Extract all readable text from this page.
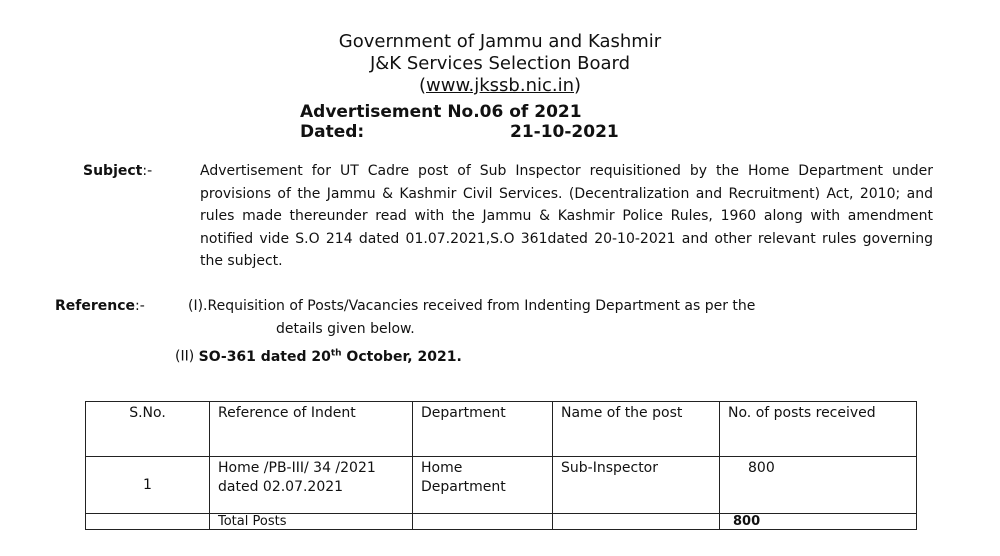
Government of Jammu and Kashmir
J&K Services Selection Board
(www.jkssb.nic.in)
Advertisement No.06 of 2021
Dated:	21-10-2021
Subject:-	Advertisement for UT Cadre post of Sub Inspector requisitioned by the Home Department under provisions of the Jammu & Kashmir Civil Services. (Decentralization and Recruitment) Act, 2010; and rules made thereunder read with the Jammu & Kashmir Police Rules, 1960 along with amendment notified vide S.O 214 dated 01.07.2021,S.O 361dated 20-10-2021 and other relevant rules governing the subject.
Reference:-	(I).Requisition of Posts/Vacancies received from Indenting Department as per the
details given below.
(II) SO-361 dated 20th October, 2021.
S.No.	Reference of Indent	Department	Name of the post	No. of posts received
1	Home /PB-III/ 34 /2021 dated 02.07.2021	Home Department	Sub-Inspector	800
	Total Posts			800
